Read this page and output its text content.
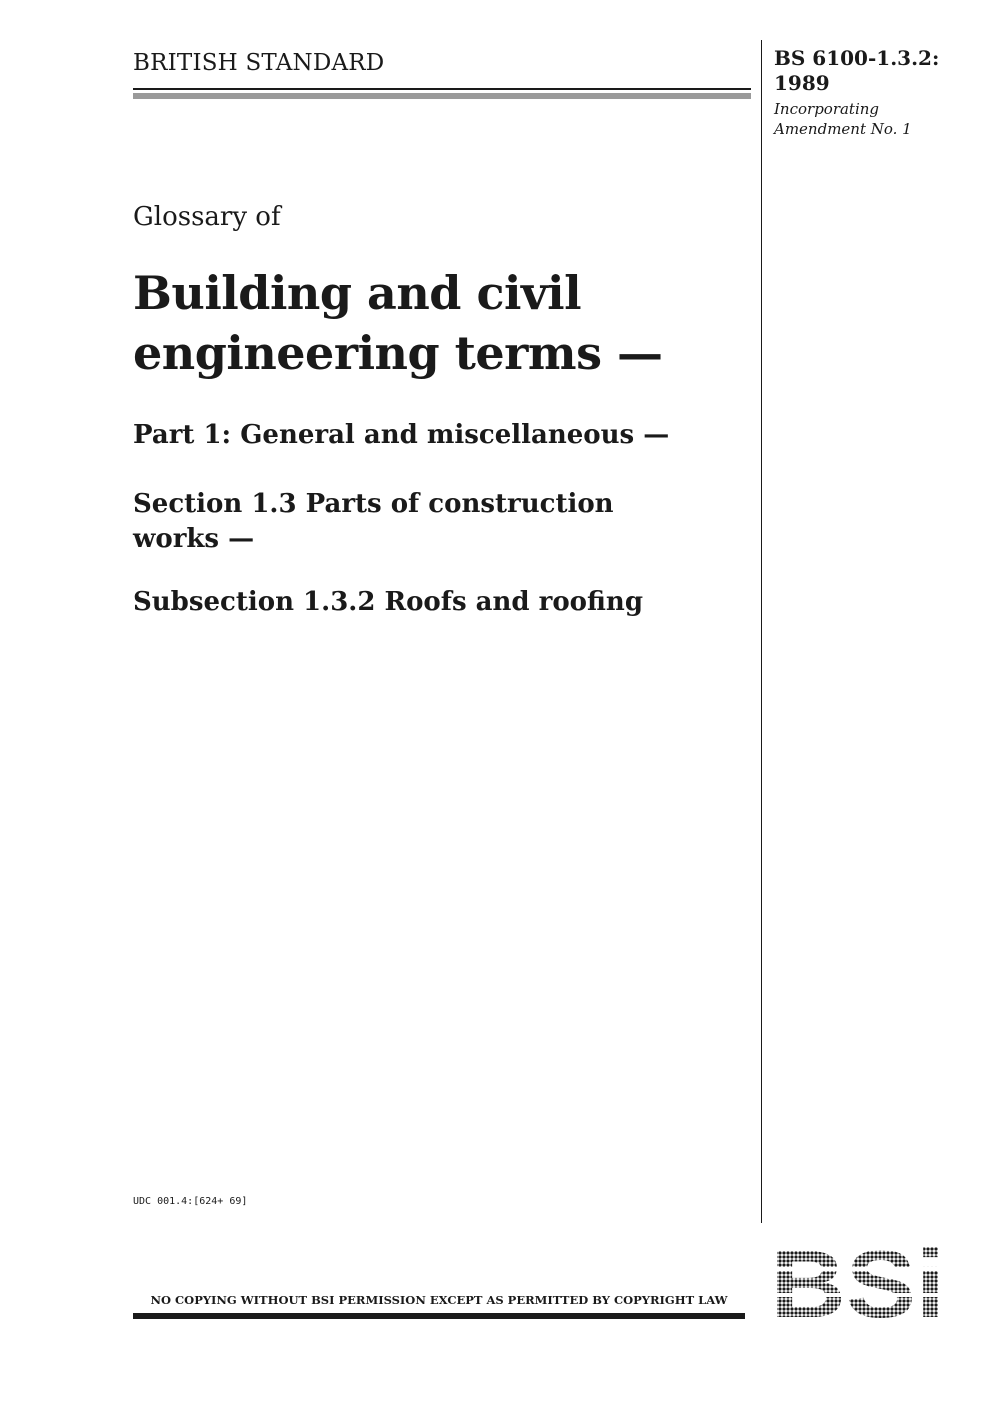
BRITISH STANDARD	BS 6100-1.3.2:
1989
Incorporating
Amendment No. 1
Glossary of
Building and civil
engineering terms —
Part 1: General and miscellaneous —
Section 1.3 Parts of construction
works —
Subsection 1.3.2 Roofs and roofing
UDC 001.4:[624+ 69]
NO COPYING WITHOUT BSI PERMISSION EXCEPT AS PERMITTED BY COPYRIGHT LAW
